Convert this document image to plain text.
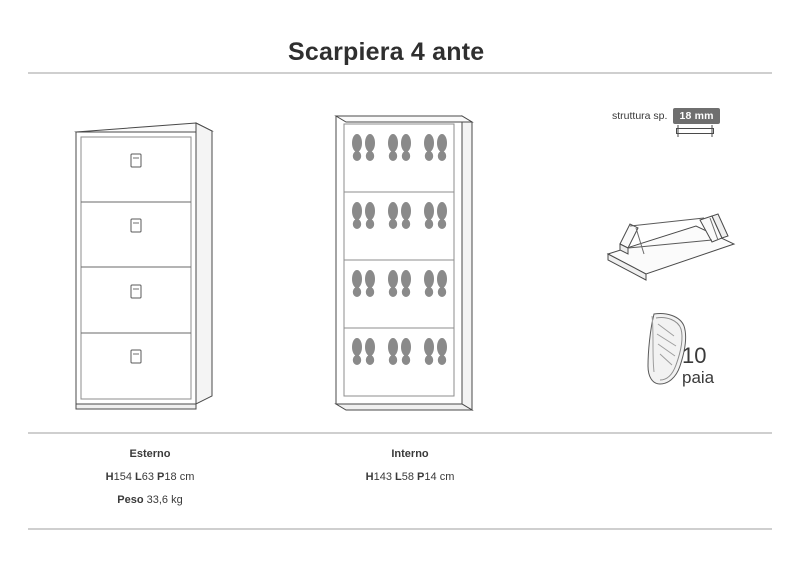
Scarpiera 4 ante
Esterno
H154 L63 P18 cm
Peso 33,6 kg
Interno
H143 L58 P14 cm
struttura sp.	18 mm
10
paia
